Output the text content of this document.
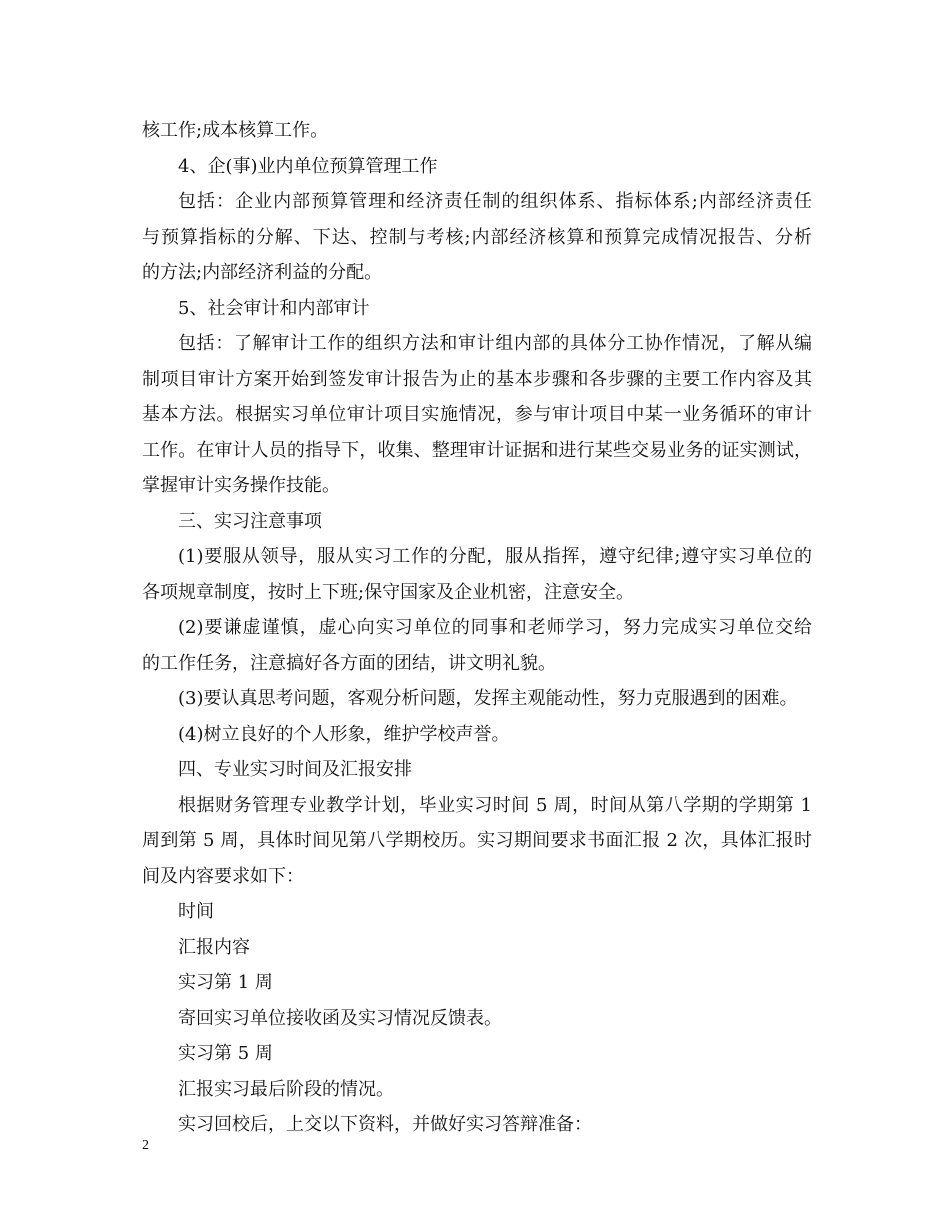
核工作;成本核算工作。
4、企(事)业内单位预算管理工作
包括：企业内部预算管理和经济责任制的组织体系、指标体系;内部经济责任
与预算指标的分解、下达、控制与考核;内部经济核算和预算完成情况报告、分析
的方法;内部经济利益的分配。
5、社会审计和内部审计
包括：了解审计工作的组织方法和审计组内部的具体分工协作情况，了解从编
制项目审计方案开始到签发审计报告为止的基本步骤和各步骤的主要工作内容及其
基本方法。根据实习单位审计项目实施情况，参与审计项目中某一业务循环的审计
工作。在审计人员的指导下，收集、整理审计证据和进行某些交易业务的证实测试，
掌握审计实务操作技能。
三、实习注意事项
(1)要服从领导，服从实习工作的分配，服从指挥，遵守纪律;遵守实习单位的
各项规章制度，按时上下班;保守国家及企业机密，注意安全。
(2)要谦虚谨慎，虚心向实习单位的同事和老师学习，努力完成实习单位交给
的工作任务，注意搞好各方面的团结，讲文明礼貌。
(3)要认真思考问题，客观分析问题，发挥主观能动性，努力克服遇到的困难。
(4)树立良好的个人形象，维护学校声誉。
四、专业实习时间及汇报安排
根据财务管理专业教学计划，毕业实习时间 5 周，时间从第八学期的学期第 1
周到第 5 周，具体时间见第八学期校历。实习期间要求书面汇报 2 次，具体汇报时
间及内容要求如下：
时间
汇报内容
实习第 1 周
寄回实习单位接收函及实习情况反馈表。
实习第 5 周
汇报实习最后阶段的情况。
实习回校后，上交以下资料，并做好实习答辩准备：
2
